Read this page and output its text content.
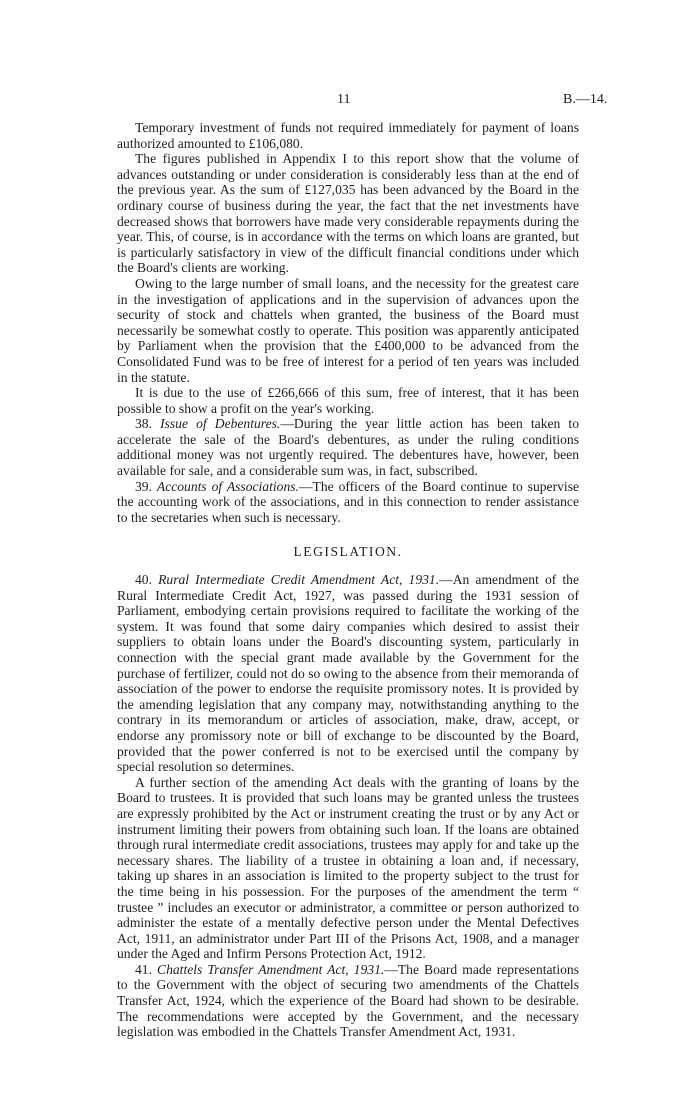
11	B.—14.

Temporary investment of funds not required immediately for payment of loans authorized amounted to £106,080.

The figures published in Appendix I to this report show that the volume of advances outstanding or under consideration is considerably less than at the end of the previous year. As the sum of £127,035 has been advanced by the Board in the ordinary course of business during the year, the fact that the net investments have decreased shows that borrowers have made very considerable repayments during the year. This, of course, is in accordance with the terms on which loans are granted, but is particularly satisfactory in view of the difficult financial conditions under which the Board's clients are working.

Owing to the large number of small loans, and the necessity for the greatest care in the investigation of applications and in the supervision of advances upon the security of stock and chattels when granted, the business of the Board must necessarily be somewhat costly to operate. This position was apparently anticipated by Parliament when the provision that the £400,000 to be advanced from the Consolidated Fund was to be free of interest for a period of ten years was included in the statute.

It is due to the use of £266,666 of this sum, free of interest, that it has been possible to show a profit on the year's working.

38. Issue of Debentures.—During the year little action has been taken to accelerate the sale of the Board's debentures, as under the ruling conditions additional money was not urgently required. The debentures have, however, been available for sale, and a considerable sum was, in fact, subscribed.

39. Accounts of Associations.—The officers of the Board continue to supervise the accounting work of the associations, and in this connection to render assistance to the secretaries when such is necessary.

LEGISLATION.

40. Rural Intermediate Credit Amendment Act, 1931.—An amendment of the Rural Intermediate Credit Act, 1927, was passed during the 1931 session of Parliament, embodying certain provisions required to facilitate the working of the system. It was found that some dairy companies which desired to assist their suppliers to obtain loans under the Board's discounting system, particularly in connection with the special grant made available by the Government for the purchase of fertilizer, could not do so owing to the absence from their memoranda of association of the power to endorse the requisite promissory notes. It is provided by the amending legislation that any company may, notwithstanding anything to the contrary in its memorandum or articles of association, make, draw, accept, or endorse any promissory note or bill of exchange to be discounted by the Board, provided that the power conferred is not to be exercised until the company by special resolution so determines.

A further section of the amending Act deals with the granting of loans by the Board to trustees. It is provided that such loans may be granted unless the trustees are expressly prohibited by the Act or instrument creating the trust or by any Act or instrument limiting their powers from obtaining such loan. If the loans are obtained through rural intermediate credit associations, trustees may apply for and take up the necessary shares. The liability of a trustee in obtaining a loan and, if necessary, taking up shares in an association is limited to the property subject to the trust for the time being in his possession. For the purposes of the amendment the term “ trustee ” includes an executor or administrator, a committee or person authorized to administer the estate of a mentally defective person under the Mental Defectives Act, 1911, an administrator under Part III of the Prisons Act, 1908, and a manager under the Aged and Infirm Persons Protection Act, 1912.

41. Chattels Transfer Amendment Act, 1931.—The Board made representations to the Government with the object of securing two amendments of the Chattels Transfer Act, 1924, which the experience of the Board had shown to be desirable. The recommendations were accepted by the Government, and the necessary legislation was embodied in the Chattels Transfer Amendment Act, 1931.
